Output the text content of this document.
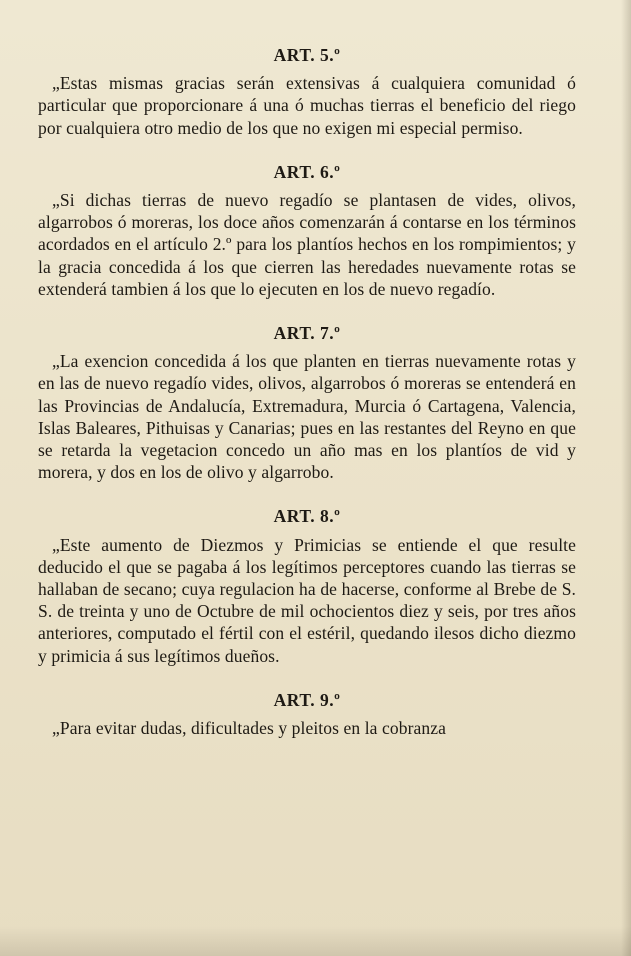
ART. 5.º

„Estas mismas gracias serán extensivas á cualquiera comunidad ó particular que proporcionare á una ó muchas tierras el beneficio del riego por cualquiera otro medio de los que no exigen mi especial permiso.

ART. 6.º

„Si dichas tierras de nuevo regadío se plantasen de vides, olivos, algarrobos ó moreras, los doce años comenzarán á contarse en los términos acordados en el artículo 2.º para los plantíos hechos en los rompimientos; y la gracia concedida á los que cierren las heredades nuevamente rotas se extenderá tambien á los que lo ejecuten en los de nuevo regadío.

ART. 7.º

„La exencion concedida á los que planten en tierras nuevamente rotas y en las de nuevo regadío vides, olivos, algarrobos ó moreras se entenderá en las Provincias de Andalucía, Extremadura, Murcia ó Cartagena, Valencia, Islas Baleares, Pithuisas y Canarias; pues en las restantes del Reyno en que se retarda la vegetacion concedo un año mas en los plantíos de vid y morera, y dos en los de olivo y algarrobo.

ART. 8.º

„Este aumento de Diezmos y Primicias se entiende el que resulte deducido el que se pagaba á los legítimos perceptores cuando las tierras se hallaban de secano; cuya regulacion ha de hacerse, conforme al Brebe de S. S. de treinta y uno de Octubre de mil ochocientos diez y seis, por tres años anteriores, computado el fértil con el estéril, quedando ilesos dicho diezmo y primicia á sus legítimos dueños.

ART. 9.º

„Para evitar dudas, dificultades y pleitos en la cobranza
